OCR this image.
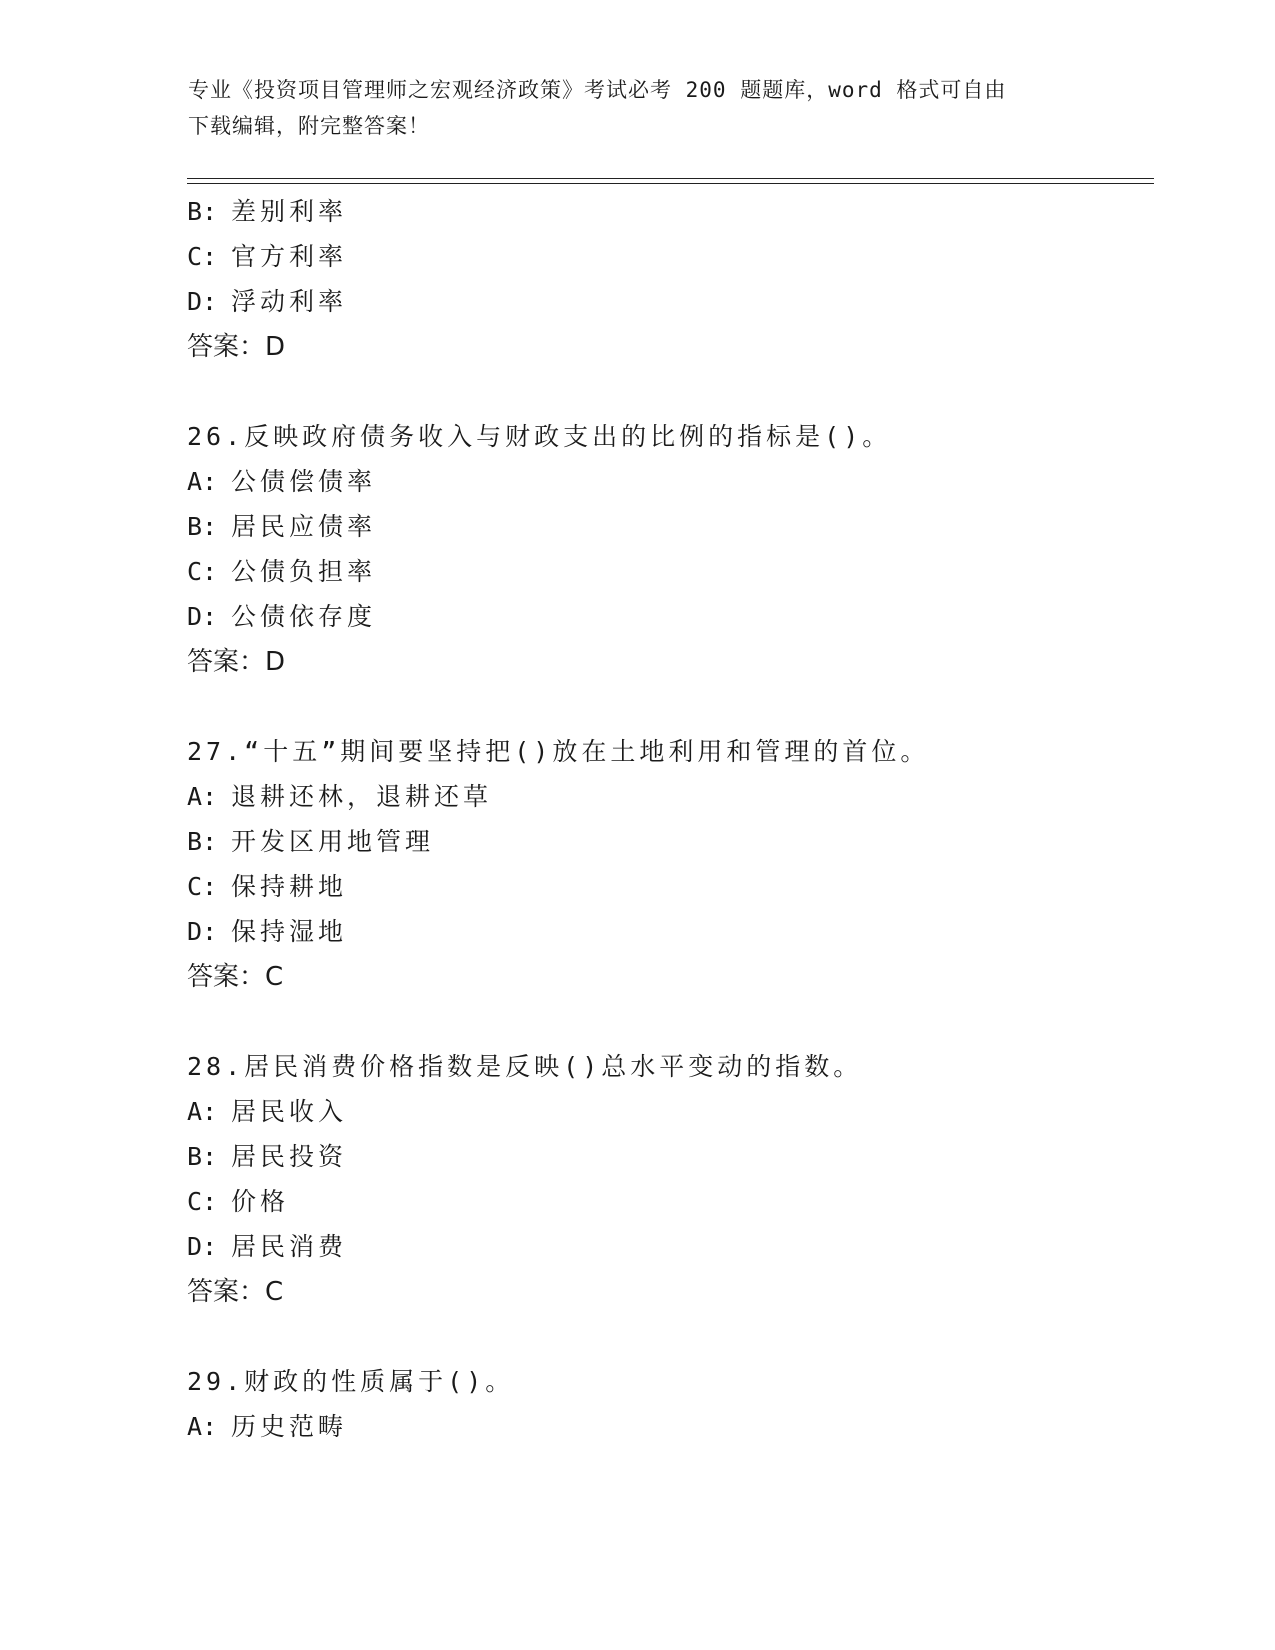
专业《投资项目管理师之宏观经济政策》考试必考 200 题题库，word 格式可自由
下载编辑，附完整答案！
B: 差别利率
C: 官方利率
D: 浮动利率
答案：D
26.反映政府债务收入与财政支出的比例的指标是()。
A: 公债偿债率
B: 居民应债率
C: 公债负担率
D: 公债依存度
答案：D
27.“十五”期间要坚持把()放在土地利用和管理的首位。
A: 退耕还林，退耕还草
B: 开发区用地管理
C: 保持耕地
D: 保持湿地
答案：C
28.居民消费价格指数是反映()总水平变动的指数。
A: 居民收入
B: 居民投资
C: 价格
D: 居民消费
答案：C
29.财政的性质属于()。
A: 历史范畴
